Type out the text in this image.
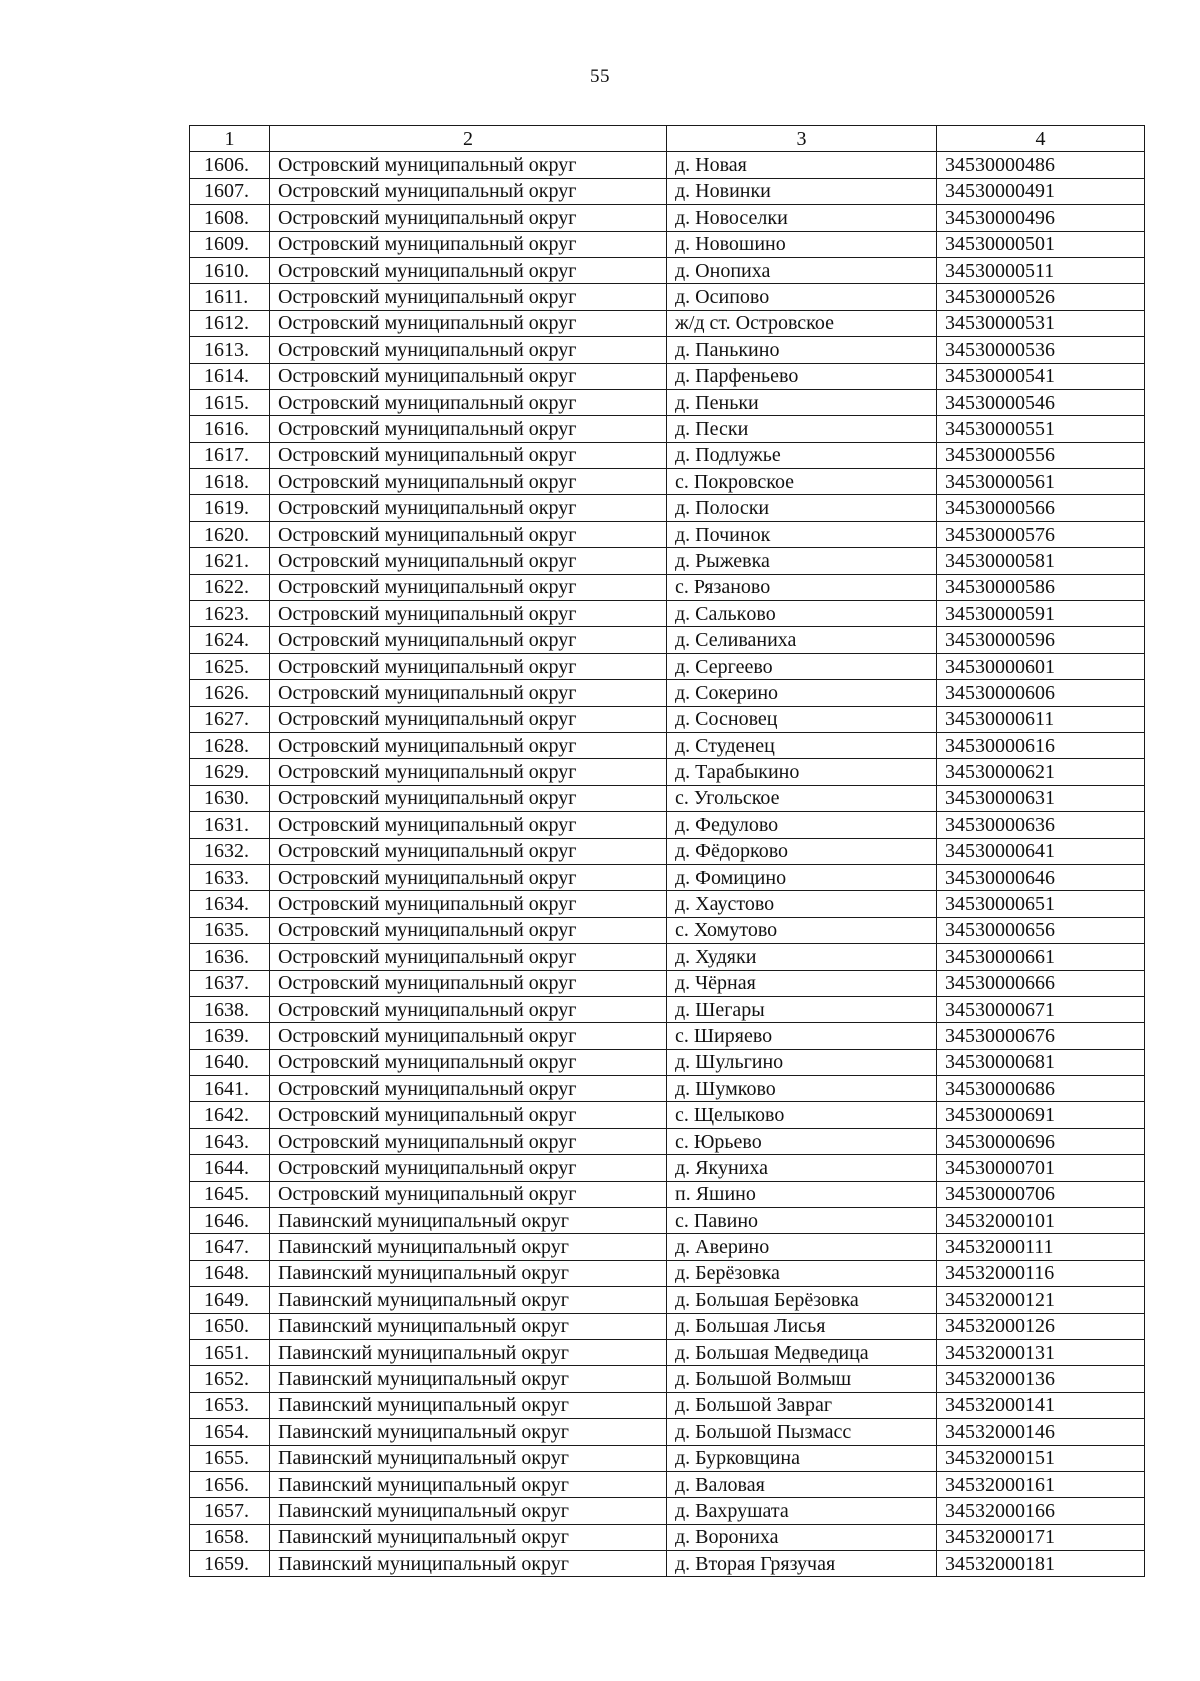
55
1	2	3	4
1606.	Островский муниципальный округ	д. Новая	34530000486
1607.	Островский муниципальный округ	д. Новинки	34530000491
1608.	Островский муниципальный округ	д. Новоселки	34530000496
1609.	Островский муниципальный округ	д. Новошино	34530000501
1610.	Островский муниципальный округ	д. Онопиха	34530000511
1611.	Островский муниципальный округ	д. Осипово	34530000526
1612.	Островский муниципальный округ	ж/д ст. Островское	34530000531
1613.	Островский муниципальный округ	д. Панькино	34530000536
1614.	Островский муниципальный округ	д. Парфеньево	34530000541
1615.	Островский муниципальный округ	д. Пеньки	34530000546
1616.	Островский муниципальный округ	д. Пески	34530000551
1617.	Островский муниципальный округ	д. Подлужье	34530000556
1618.	Островский муниципальный округ	с. Покровское	34530000561
1619.	Островский муниципальный округ	д. Полоски	34530000566
1620.	Островский муниципальный округ	д. Починок	34530000576
1621.	Островский муниципальный округ	д. Рыжевка	34530000581
1622.	Островский муниципальный округ	с. Рязаново	34530000586
1623.	Островский муниципальный округ	д. Салькoво	34530000591
1624.	Островский муниципальный округ	д. Селиваниха	34530000596
1625.	Островский муниципальный округ	д. Сергеево	34530000601
1626.	Островский муниципальный округ	д. Сокерино	34530000606
1627.	Островский муниципальный округ	д. Сосновец	34530000611
1628.	Островский муниципальный округ	д. Студенец	34530000616
1629.	Островский муниципальный округ	д. Тарабыкино	34530000621
1630.	Островский муниципальный округ	с. Угольское	34530000631
1631.	Островский муниципальный округ	д. Федулово	34530000636
1632.	Островский муниципальный округ	д. Фёдорково	34530000641
1633.	Островский муниципальный округ	д. Фомицино	34530000646
1634.	Островский муниципальный округ	д. Хаустово	34530000651
1635.	Островский муниципальный округ	с. Хомутово	34530000656
1636.	Островский муниципальный округ	д. Худяки	34530000661
1637.	Островский муниципальный округ	д. Чёрная	34530000666
1638.	Островский муниципальный округ	д. Шегары	34530000671
1639.	Островский муниципальный округ	с. Ширяево	34530000676
1640.	Островский муниципальный округ	д. Шульгино	34530000681
1641.	Островский муниципальный округ	д. Шумково	34530000686
1642.	Островский муниципальный округ	с. Щелыково	34530000691
1643.	Островский муниципальный округ	с. Юрьево	34530000696
1644.	Островский муниципальный округ	д. Якуниха	34530000701
1645.	Островский муниципальный округ	п. Яшино	34530000706
1646.	Павинский муниципальный округ	с. Павино	34532000101
1647.	Павинский муниципальный округ	д. Аверино	34532000111
1648.	Павинский муниципальный округ	д. Берёзовка	34532000116
1649.	Павинский муниципальный округ	д. Большая Берёзовка	34532000121
1650.	Павинский муниципальный округ	д. Большая Лисья	34532000126
1651.	Павинский муниципальный округ	д. Большая Медведица	34532000131
1652.	Павинский муниципальный округ	д. Большой Волмыш	34532000136
1653.	Павинский муниципальный округ	д. Большой Завраг	34532000141
1654.	Павинский муниципальный округ	д. Большой Пызмасс	34532000146
1655.	Павинский муниципальный округ	д. Бурковщина	34532000151
1656.	Павинский муниципальный округ	д. Валовая	34532000161
1657.	Павинский муниципальный округ	д. Вахрушата	34532000166
1658.	Павинский муниципальный округ	д. Ворониха	34532000171
1659.	Павинский муниципальный округ	д. Вторая Грязучая	34532000181
